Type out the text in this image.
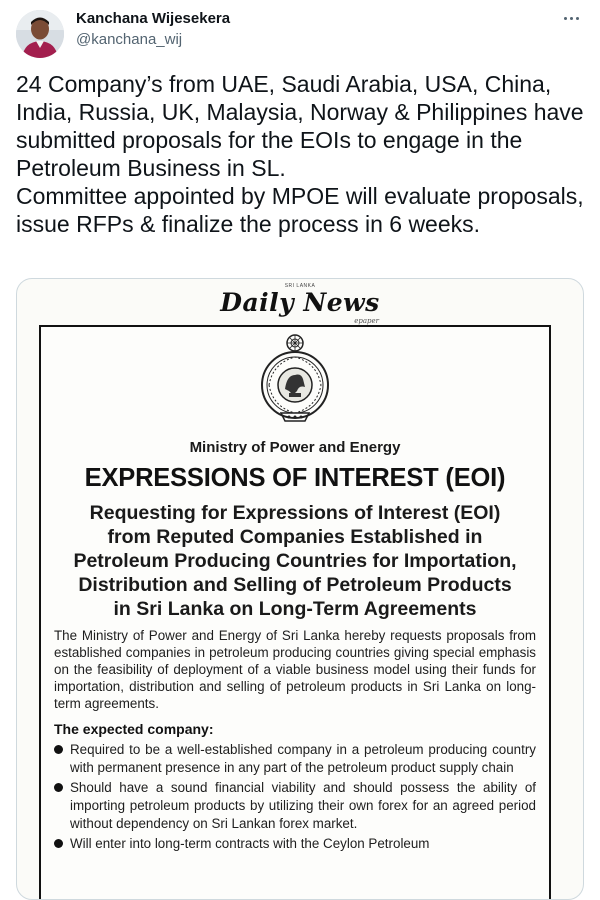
Kanchana Wijesekera
@kanchana_wij

24 Company’s from UAE, Saudi Arabia, USA, China, India, Russia, UK, Malaysia, Norway & Philippines have submitted proposals for the EOIs to engage in the Petroleum Business in SL.

Committee appointed by MPOE will evaluate proposals, issue RFPs & finalize the process in 6 weeks.

SRI LANKA
Daily News
epaper
Ministry of Power and Energy
EXPRESSIONS OF INTEREST (EOI)
Requesting for Expressions of Interest (EOI)
from Reputed Companies Established in
Petroleum Producing Countries for Importation,
Distribution and Selling of Petroleum Products
in Sri Lanka on Long-Term Agreements
The Ministry of Power and Energy of Sri Lanka hereby requests proposals from established companies in petroleum producing countries giving special emphasis on the feasibility of deployment of a viable business model using their funds for importation, distribution and selling of petroleum products in Sri Lanka on long-term agreements.
The expected company:
Required to be a well-established company in a petroleum producing country with permanent presence in any part of the petroleum product supply chain
Should have a sound financial viability and should possess the ability of importing petroleum products by utilizing their own forex for an agreed period without dependency on Sri Lankan forex market.
Will enter into long-term contracts with the Ceylon Petroleum
